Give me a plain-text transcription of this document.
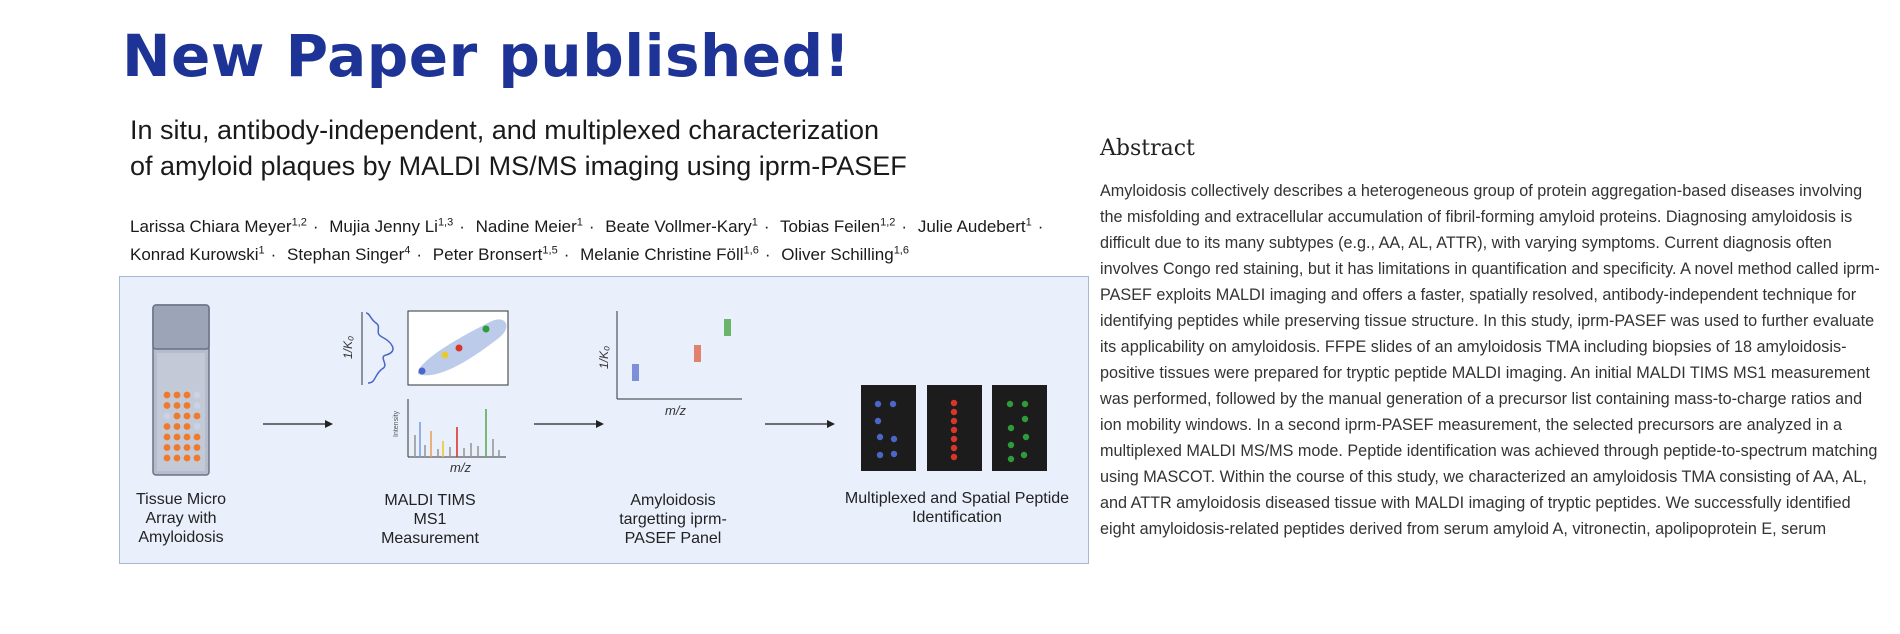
New Paper published!
In situ, antibody-independent, and multiplexed characterization
of amyloid plaques by MALDI MS/MS imaging using iprm-PASEF
Larissa Chiara Meyer$^{1,2}$ · Mujia Jenny Li$^{1,3}$ · Nadine Meier$^1$ · Beate Vollmer-Kary$^1$ · Tobias Feilen$^{1,2}$ · Julie Audebert$^1$ ·
Konrad Kurowski$^1$ · Stephan Singer$^4$ · Peter Bronsert$^{1,5}$ · Melanie Christine Föll$^{1,6}$ · Oliver Schilling$^{1,6}$
1/K₀
Intensity
m/z
1/K₀
m/z
Tissue Micro
Array with
Amyloidosis
MALDI TIMS
MS1
Measurement
Amyloidosis
targetting iprm-
PASEF Panel
Multiplexed and Spatial Peptide
Identification
Abstract

Amyloidosis collectively describes a heterogeneous group of protein aggregation-based diseases involving the misfolding and extracellular accumulation of fibril-forming amyloid proteins. Diagnosing amyloidosis is difficult due to its many subtypes (e.g., AA, AL, ATTR), with varying symptoms. Current diagnosis often involves Congo red staining, but it has limitations in quantification and specificity. A novel method called iprm-PASEF exploits MALDI imaging and offers a faster, spatially resolved, antibody-independent technique for identifying peptides while preserving tissue structure. In this study, iprm-PASEF was used to further evaluate its applicability on amyloidosis. FFPE slides of an amyloidosis TMA including biopsies of 18 amyloidosis-positive tissues were prepared for tryptic peptide MALDI imaging. An initial MALDI TIMS MS1 measurement was performed, followed by the manual generation of a precursor list containing mass-to-charge ratios and ion mobility windows. In a second iprm-PASEF measurement, the selected precursors are analyzed in a multiplexed MALDI MS/MS mode. Peptide identification was achieved through peptide-to-spectrum matching using MASCOT. Within the course of this study, we characterized an amyloidosis TMA consisting of AA, AL, and ATTR amyloidosis diseased tissue with MALDI imaging of tryptic peptides. We successfully identified eight amyloidosis-related peptides derived from serum amyloid A, vitronectin, apolipoprotein E, serum
